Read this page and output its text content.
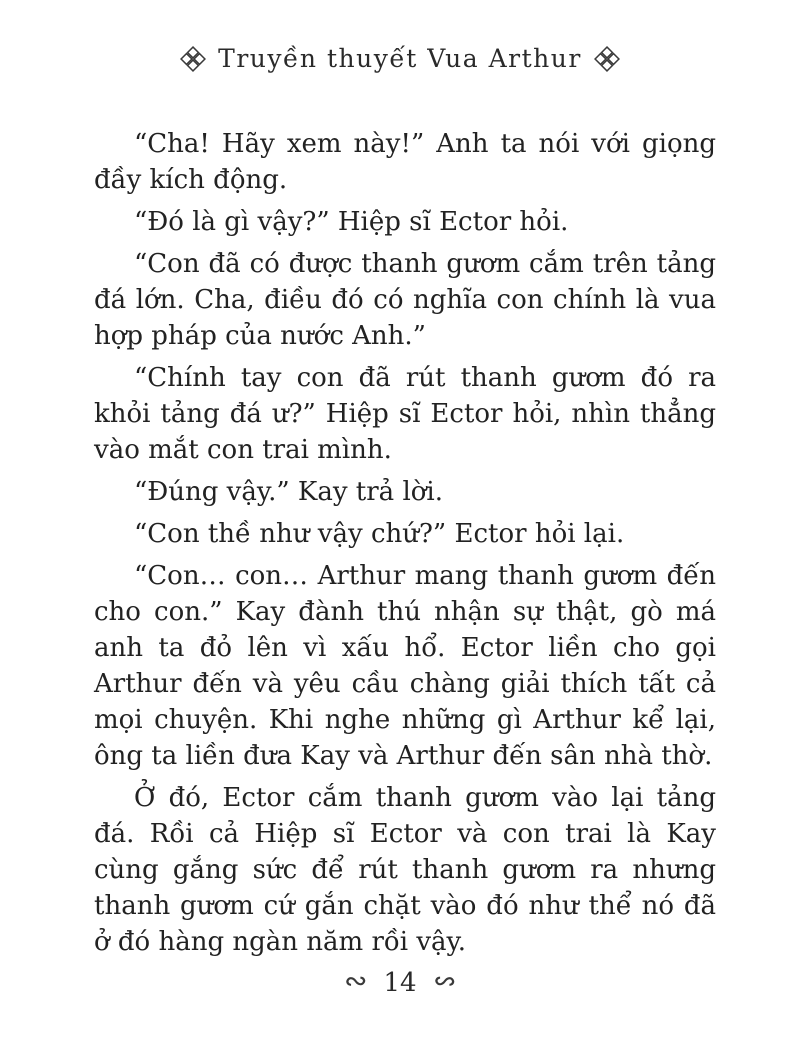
Truyền thuyết Vua Arthur

“Cha! Hãy xem này!” Anh ta nói với giọng đầy kích động.

“Đó là gì vậy?” Hiệp sĩ Ector hỏi.

“Con đã có được thanh gươm cắm trên tảng đá lớn. Cha, điều đó có nghĩa con chính là vua hợp pháp của nước Anh.”

“Chính tay con đã rút thanh gươm đó ra khỏi tảng đá ư?” Hiệp sĩ Ector hỏi, nhìn thẳng vào mắt con trai mình.

“Đúng vậy.” Kay trả lời.

“Con thề như vậy chứ?” Ector hỏi lại.

“Con… con… Arthur mang thanh gươm đến cho con.” Kay đành thú nhận sự thật, gò má anh ta đỏ lên vì xấu hổ. Ector liền cho gọi Arthur đến và yêu cầu chàng giải thích tất cả mọi chuyện. Khi nghe những gì Arthur kể lại, ông ta liền đưa Kay và Arthur đến sân nhà thờ.

Ở đó, Ector cắm thanh gươm vào lại tảng đá. Rồi cả Hiệp sĩ Ector và con trai là Kay cùng gắng sức để rút thanh gươm ra nhưng thanh gươm cứ gắn chặt vào đó như thể nó đã ở đó hàng ngàn năm rồi vậy.

∾ 14 ∾
